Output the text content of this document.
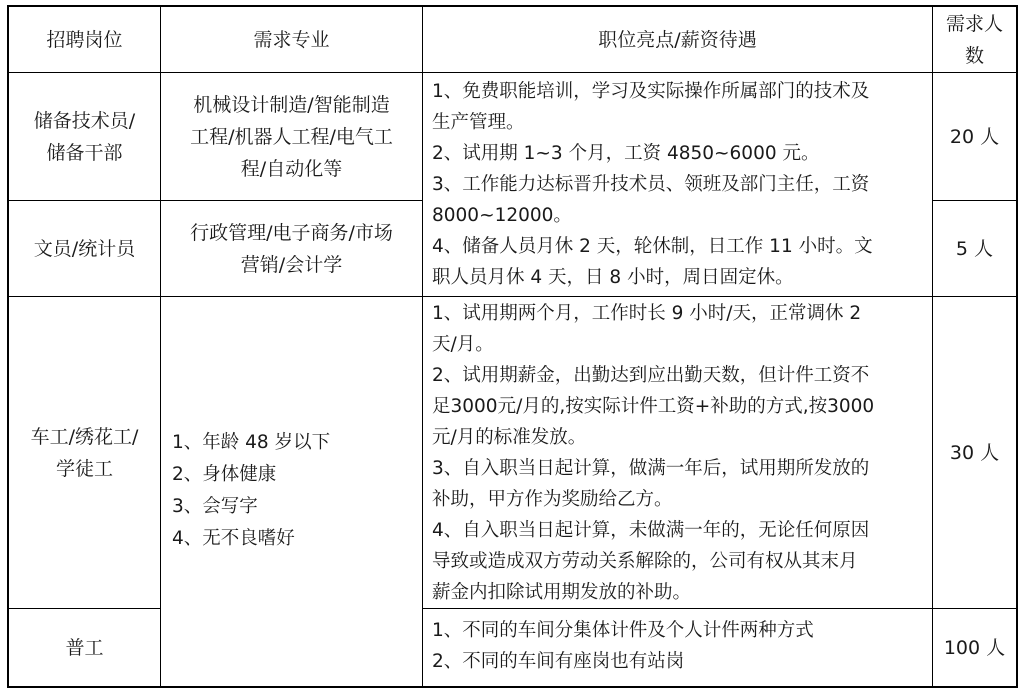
招聘岗位	需求专业	职位亮点/薪资待遇
需求人
数
储备技术员/
储备干部
机械设计制造/智能制造
工程/机器人工程/电气工
程/自动化等
20 人
文员/统计员
行政管理/电子商务/市场
营销/会计学
5 人
1、免费职能培训，学习及实际操作所属部门的技术及
生产管理。
2、试用期 1~3 个月，工资 4850~6000 元。
3、工作能力达标晋升技术员、领班及部门主任，工资
8000~12000。
4、储备人员月休 2 天，轮休制，日工作 11 小时。文
职人员月休 4 天，日 8 小时，周日固定休。
车工/绣花工/
学徒工
1、年龄 48 岁以下
2、身体健康
3、会写字
4、无不良嗜好
1、试用期两个月，工作时长 9 小时/天，正常调休 2
天/月。
2、试用期薪金，出勤达到应出勤天数，但计件工资不
足3000元/月的,按实际计件工资+补助的方式,按3000
元/月的标准发放。
3、自入职当日起计算，做满一年后，试用期所发放的
补助，甲方作为奖励给乙方。
4、自入职当日起计算，未做满一年的，无论任何原因
导致或造成双方劳动关系解除的，公司有权从其末月
薪金内扣除试用期发放的补助。
30 人
普工
1、不同的车间分集体计件及个人计件两种方式
2、不同的车间有座岗也有站岗
100 人
